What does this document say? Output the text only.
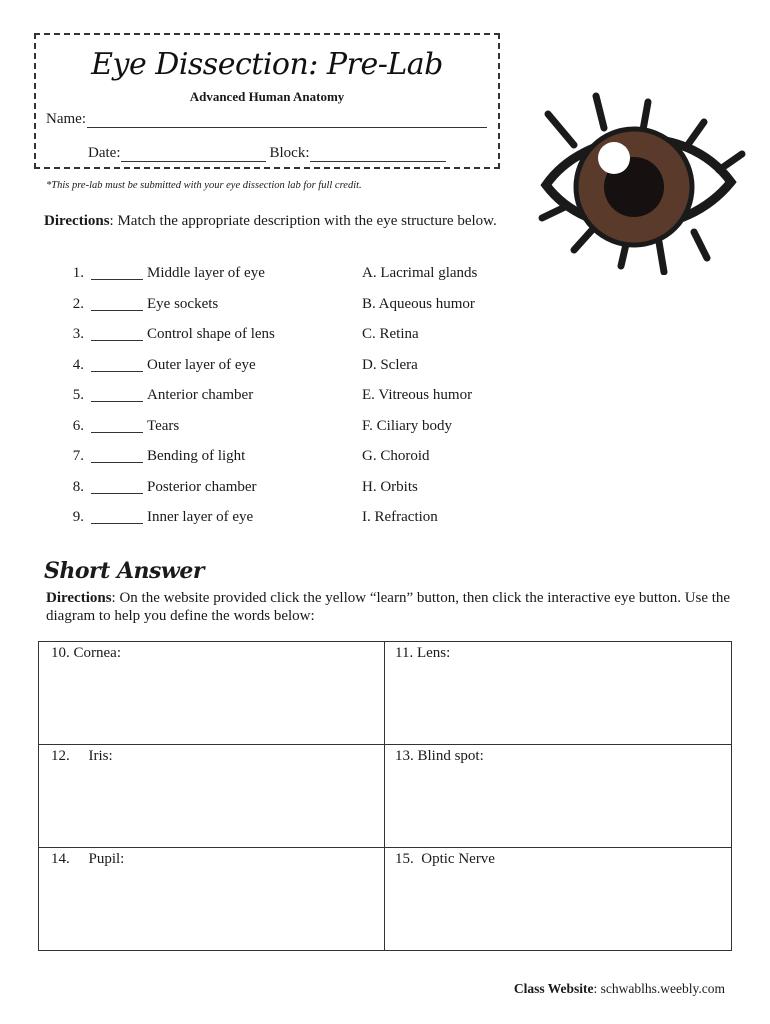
Eye Dissection: Pre-Lab
Advanced Human Anatomy
Name:
Date:	Block:
*This pre-lab must be submitted with your eye dissection lab for full credit.
Directions: Match the appropriate description with the eye structure below.
1.	Middle layer of eye	A. Lacrimal glands
2.	Eye sockets	B. Aqueous humor
3.	Control shape of lens	C. Retina
4.	Outer layer of eye	D. Sclera
5.	Anterior chamber	E. Vitreous humor
6.	Tears	F. Ciliary body
7.	Bending of light	G. Choroid
8.	Posterior chamber	H. Orbits
9.	Inner layer of eye	I. Refraction
Short Answer
Directions: On the website provided click the yellow “learn” button, then click the interactive eye button. Use the diagram to help you define the words below:
10. Cornea:	11. Lens:
12.     Iris:	13. Blind spot:
14.     Pupil:	15.  Optic Nerve
Class Website: schwablhs.weebly.com
